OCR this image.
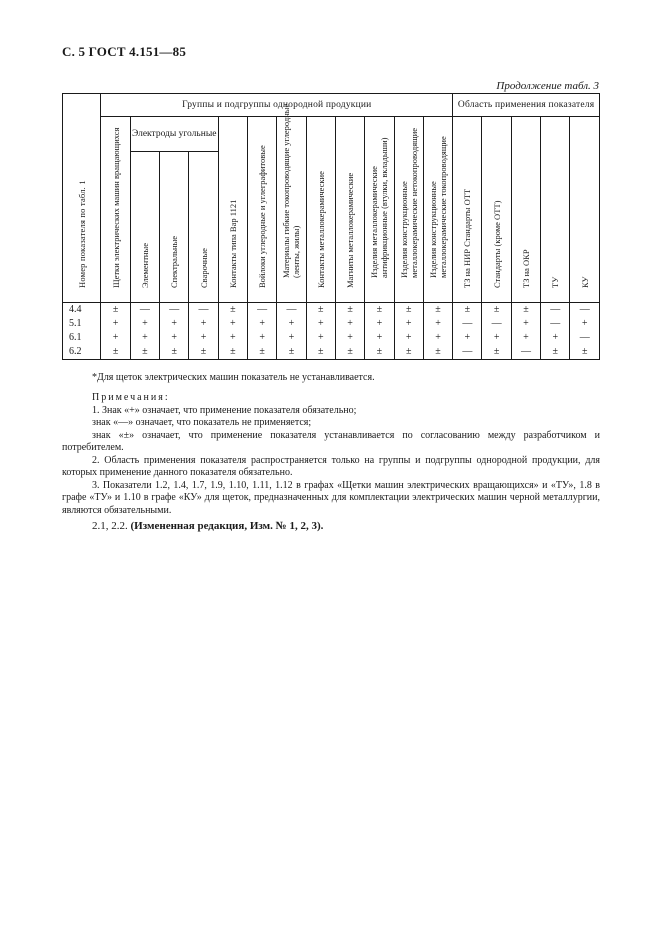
С. 5 ГОСТ 4.151—85
Продолжение табл. 3
Номер показателя по табл. 1	Группы и подгруппы однородной продукции												Область применения показателя				

	Щетки электрических машин вращающихся	Электроды угольные			Контакты типа Вар 1121	Войлоки углеродные и углеграфитовые	Материалы гибкие токопроводящие углеродные (ленты, жилы)	Контакты металлокерамические	Магниты металлокерамические	Изделия металлокерамические антифрикционные (втулки, вкладыши)	Изделия конструкционные металлокерамические нетокопроводящие	Изделия конструкционные металлокерамические токопроводящие	ТЗ на НИР Стандарты ОТТ	Стандарты (кроме ОТТ)	ТЗ на ОКР	ТУ	КУ

		Элементные	Спектральные	Сварочные													

4.4	±	—	—	—	±	—	—	±	±	±	±	±	±	±	±	—	—
5.1	+	+	+	+	+	+	+	+	+	+	+	+	—	—	+	—	+
6.1	+	+	+	+	+	+	+	+	+	+	+	+	+	+	+	+	—
6.2	±	±	±	±	±	±	±	±	±	±	±	±	—	±	—	±	±
*Для щеток электрических машин показатель не устанавливается.

Примечания:

1. Знак «+» означает, что применение показателя обязательно;

знак «—» означает, что показатель не применяется;

знак «±» означает, что применение показателя устанавливается по согласованию между разработчиком и потребителем.

2. Область применения показателя распространяется только на группы и подгруппы однородной продукции, для которых применение данного показателя обязательно.

3. Показатели 1.2, 1.4, 1.7, 1.9, 1.10, 1.11, 1.12 в графах «Щетки машин электрических вращающихся» и «ТУ», 1.8 в графе «ТУ» и 1.10 в графе «КУ» для щеток, предназначенных для комплектации электрических машин черной металлургии, являются обязательными.

2.1, 2.2. (Измененная редакция, Изм. № 1, 2, 3).
